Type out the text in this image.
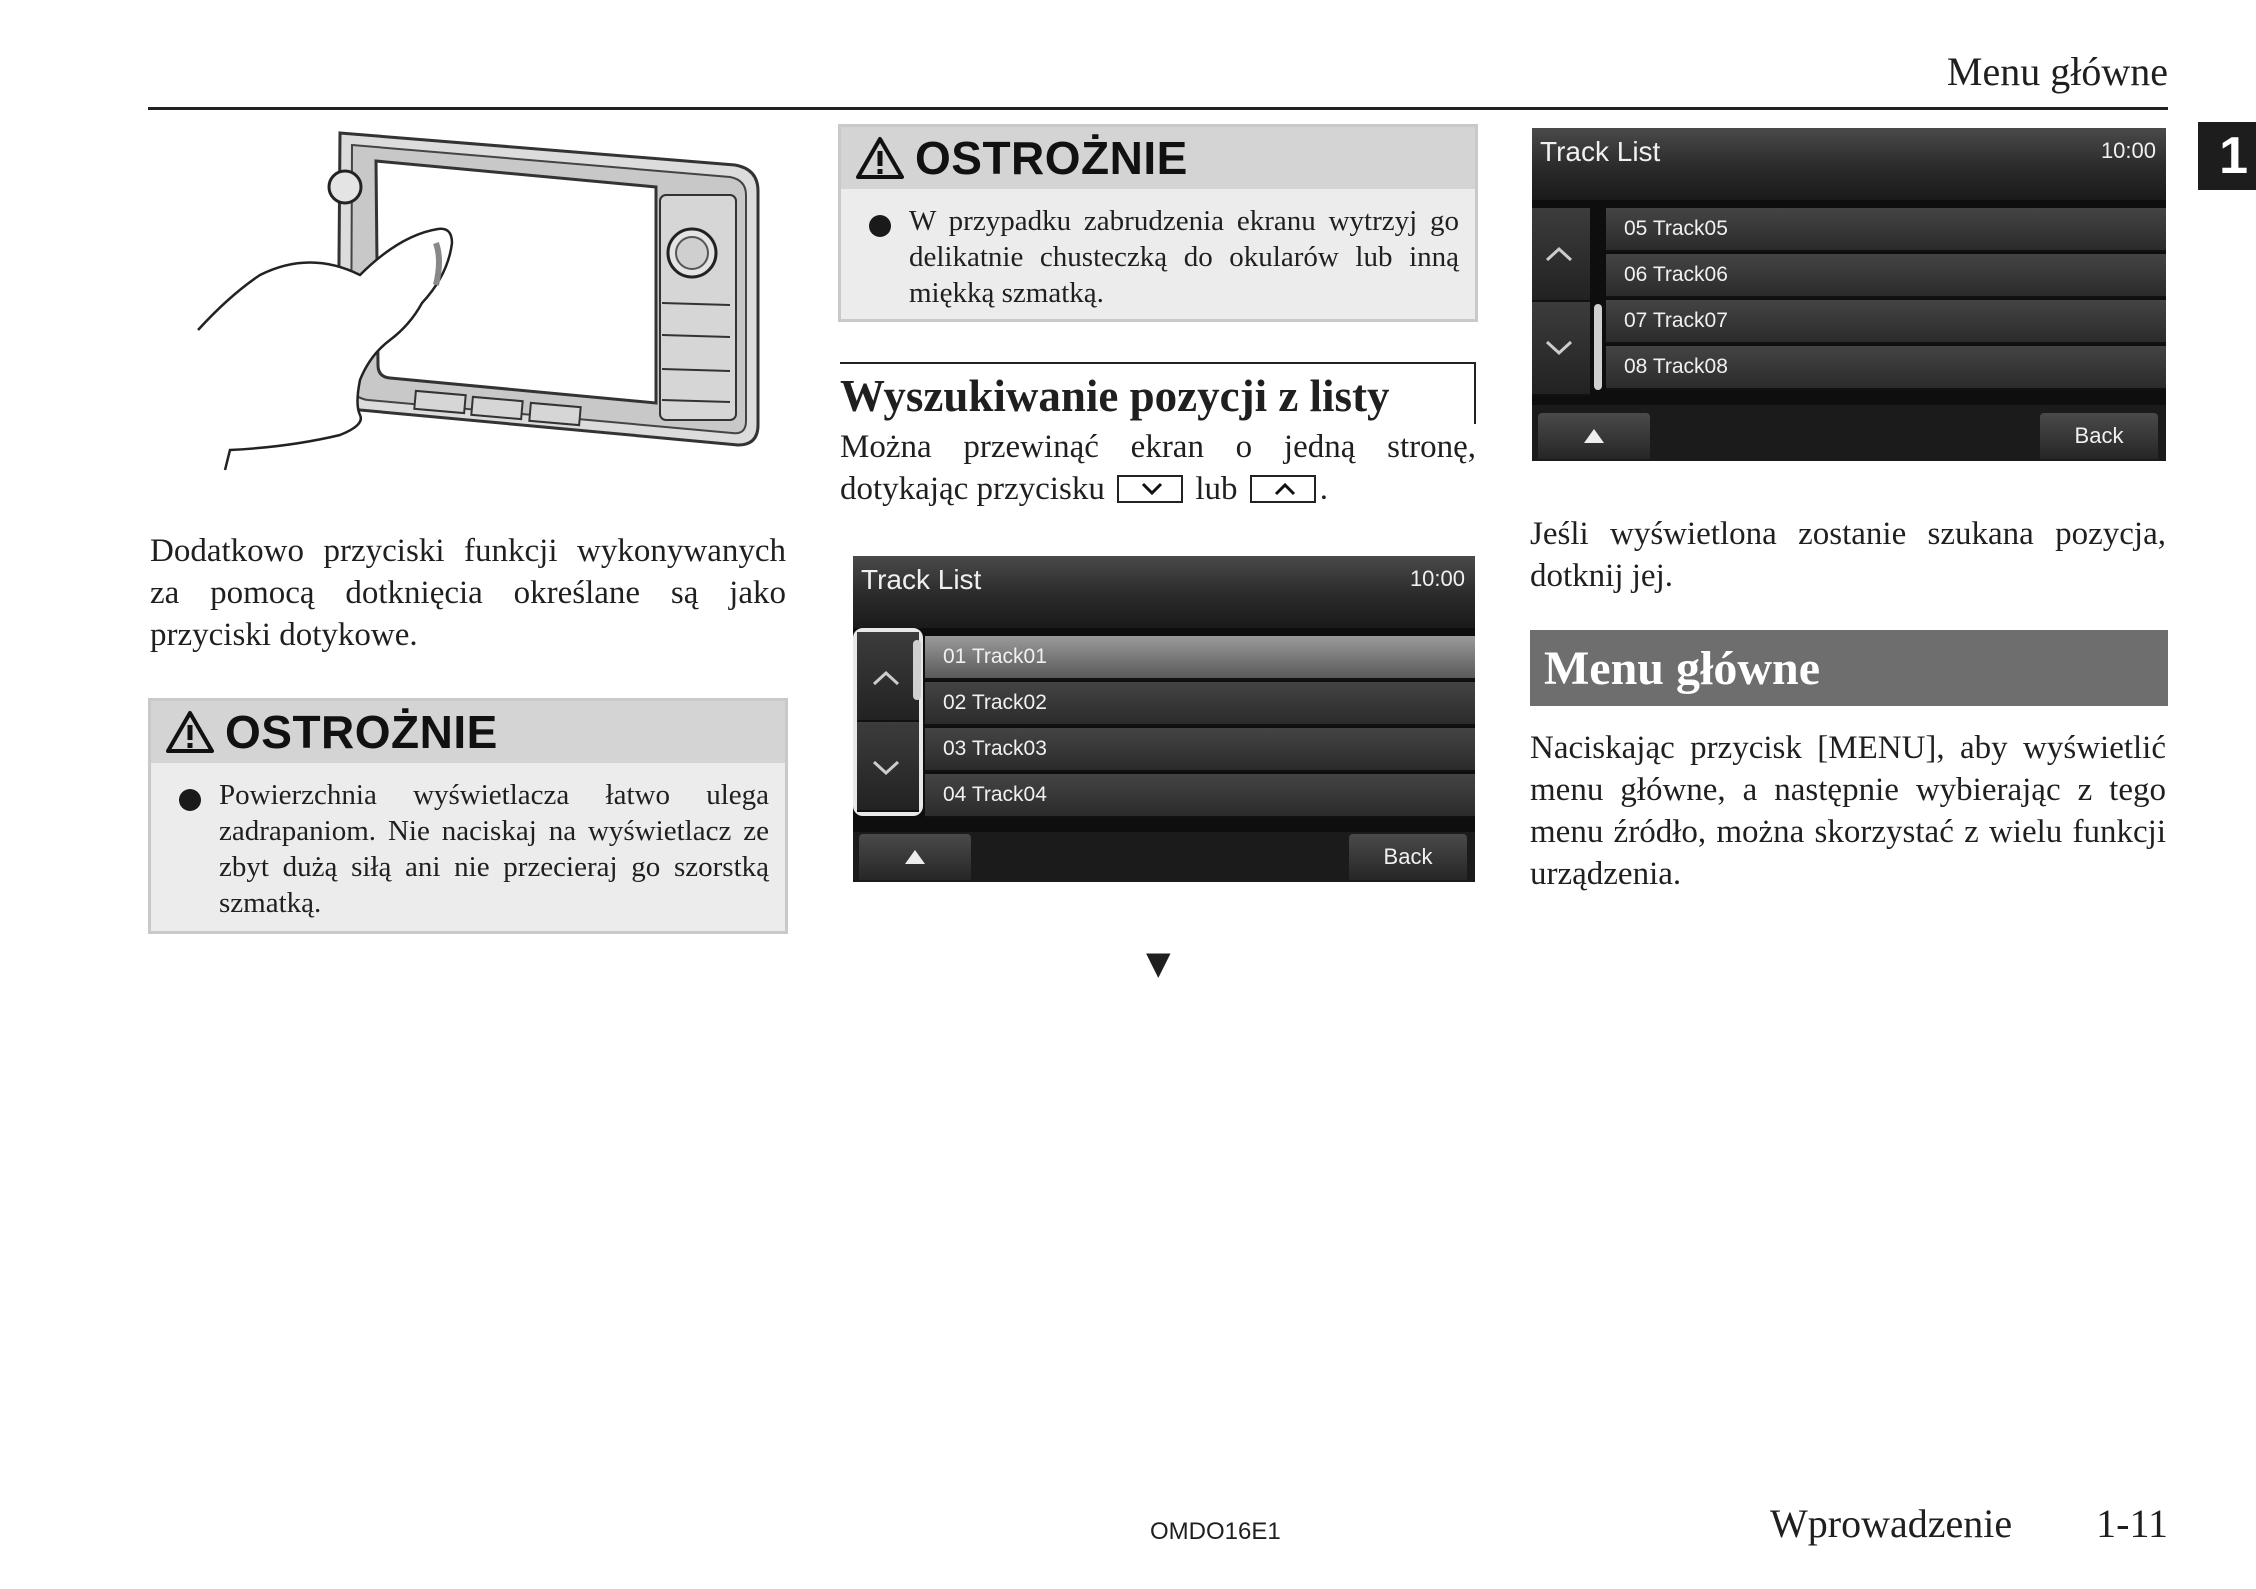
Menu główne
1
Dodatkowo przyciski funkcji wykonywanych za pomocą dotknięcia określane są jako przyciski dotykowe.
OSTROŻNIE
Powierzchnia wyświetlacza łatwo ulega zadrapaniom. Nie naciskaj na wyświetlacz ze zbyt dużą siłą ani nie przecieraj go szorstką szmatką.
OSTROŻNIE
W przypadku zabrudzenia ekranu wytrzyj go delikatnie chusteczką do okularów lub inną miękką szmatką.
Wyszukiwanie pozycji z listy
Można przewinąć ekran o jedną stronę, dotykając przycisku	lub .
Track List	10:00
01 Track01
02 Track02
03 Track03
04 Track04
Back
▼
Track List	10:00
05 Track05
06 Track06
07 Track07
08 Track08
Back
Jeśli wyświetlona zostanie szukana pozycja, dotknij jej.
Menu główne
Naciskając przycisk [MENU], aby wyświetlić menu główne, a następnie wybierając z tego menu źródło, można skorzystać z wielu funkcji urządzenia.
OMDO16E1	Wprowadzenie 1-11
